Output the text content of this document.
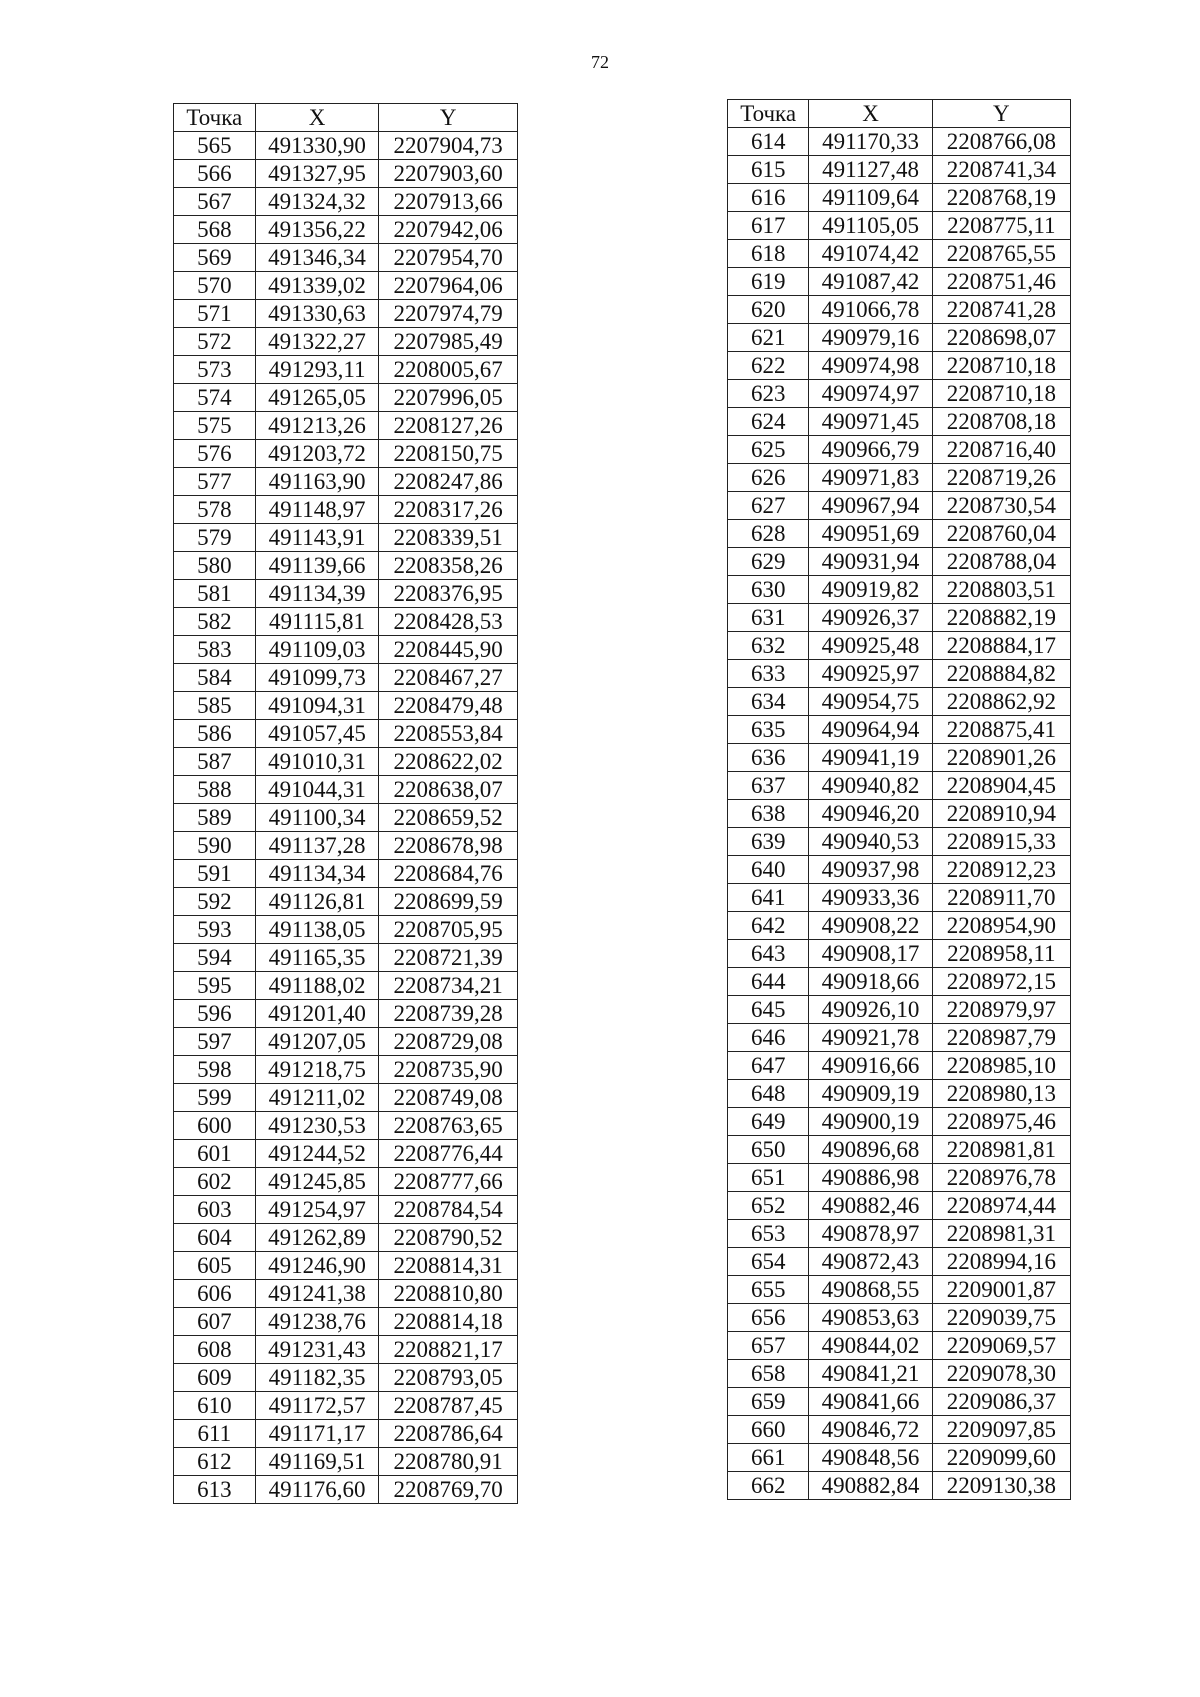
72
Точка	X	Y
565	491330,90	2207904,73
566	491327,95	2207903,60
567	491324,32	2207913,66
568	491356,22	2207942,06
569	491346,34	2207954,70
570	491339,02	2207964,06
571	491330,63	2207974,79
572	491322,27	2207985,49
573	491293,11	2208005,67
574	491265,05	2207996,05
575	491213,26	2208127,26
576	491203,72	2208150,75
577	491163,90	2208247,86
578	491148,97	2208317,26
579	491143,91	2208339,51
580	491139,66	2208358,26
581	491134,39	2208376,95
582	491115,81	2208428,53
583	491109,03	2208445,90
584	491099,73	2208467,27
585	491094,31	2208479,48
586	491057,45	2208553,84
587	491010,31	2208622,02
588	491044,31	2208638,07
589	491100,34	2208659,52
590	491137,28	2208678,98
591	491134,34	2208684,76
592	491126,81	2208699,59
593	491138,05	2208705,95
594	491165,35	2208721,39
595	491188,02	2208734,21
596	491201,40	2208739,28
597	491207,05	2208729,08
598	491218,75	2208735,90
599	491211,02	2208749,08
600	491230,53	2208763,65
601	491244,52	2208776,44
602	491245,85	2208777,66
603	491254,97	2208784,54
604	491262,89	2208790,52
605	491246,90	2208814,31
606	491241,38	2208810,80
607	491238,76	2208814,18
608	491231,43	2208821,17
609	491182,35	2208793,05
610	491172,57	2208787,45
611	491171,17	2208786,64
612	491169,51	2208780,91
613	491176,60	2208769,70
Точка	X	Y
614	491170,33	2208766,08
615	491127,48	2208741,34
616	491109,64	2208768,19
617	491105,05	2208775,11
618	491074,42	2208765,55
619	491087,42	2208751,46
620	491066,78	2208741,28
621	490979,16	2208698,07
622	490974,98	2208710,18
623	490974,97	2208710,18
624	490971,45	2208708,18
625	490966,79	2208716,40
626	490971,83	2208719,26
627	490967,94	2208730,54
628	490951,69	2208760,04
629	490931,94	2208788,04
630	490919,82	2208803,51
631	490926,37	2208882,19
632	490925,48	2208884,17
633	490925,97	2208884,82
634	490954,75	2208862,92
635	490964,94	2208875,41
636	490941,19	2208901,26
637	490940,82	2208904,45
638	490946,20	2208910,94
639	490940,53	2208915,33
640	490937,98	2208912,23
641	490933,36	2208911,70
642	490908,22	2208954,90
643	490908,17	2208958,11
644	490918,66	2208972,15
645	490926,10	2208979,97
646	490921,78	2208987,79
647	490916,66	2208985,10
648	490909,19	2208980,13
649	490900,19	2208975,46
650	490896,68	2208981,81
651	490886,98	2208976,78
652	490882,46	2208974,44
653	490878,97	2208981,31
654	490872,43	2208994,16
655	490868,55	2209001,87
656	490853,63	2209039,75
657	490844,02	2209069,57
658	490841,21	2209078,30
659	490841,66	2209086,37
660	490846,72	2209097,85
661	490848,56	2209099,60
662	490882,84	2209130,38
